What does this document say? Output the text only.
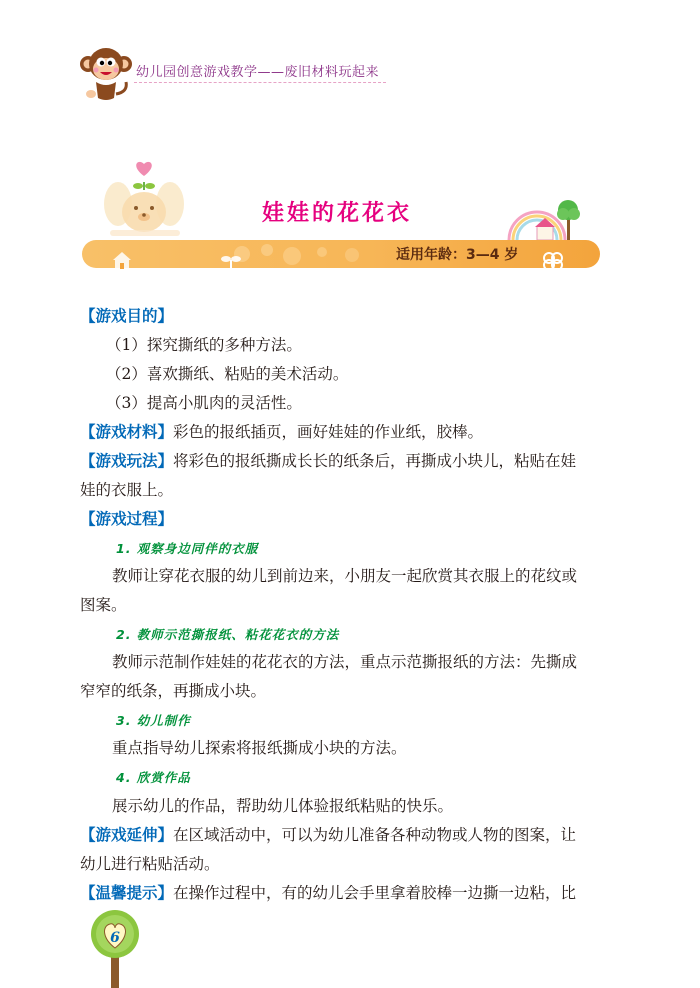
幼儿园创意游戏教学——废旧材料玩起来
娃娃的花花衣
适用年龄：3—4 岁
【游戏目的】
（1）探究撕纸的多种方法。
（2）喜欢撕纸、粘贴的美术活动。
（3）提高小肌肉的灵活性。
【游戏材料】彩色的报纸插页，画好娃娃的作业纸，胶棒。
【游戏玩法】将彩色的报纸撕成长长的纸条后，再撕成小块儿，粘贴在娃
娃的衣服上。
【游戏过程】
1. 观察身边同伴的衣服
教师让穿花衣服的幼儿到前边来，小朋友一起欣赏其衣服上的花纹或
图案。
2. 教师示范撕报纸、粘花花衣的方法
教师示范制作娃娃的花花衣的方法，重点示范撕报纸的方法：先撕成
窄窄的纸条，再撕成小块。
3. 幼儿制作
重点指导幼儿探索将报纸撕成小块的方法。
4. 欣赏作品
展示幼儿的作品，帮助幼儿体验报纸粘贴的快乐。
【游戏延伸】在区域活动中，可以为幼儿准备各种动物或人物的图案，让
幼儿进行粘贴活动。
【温馨提示】在操作过程中，有的幼儿会手里拿着胶棒一边撕一边粘，比
6
